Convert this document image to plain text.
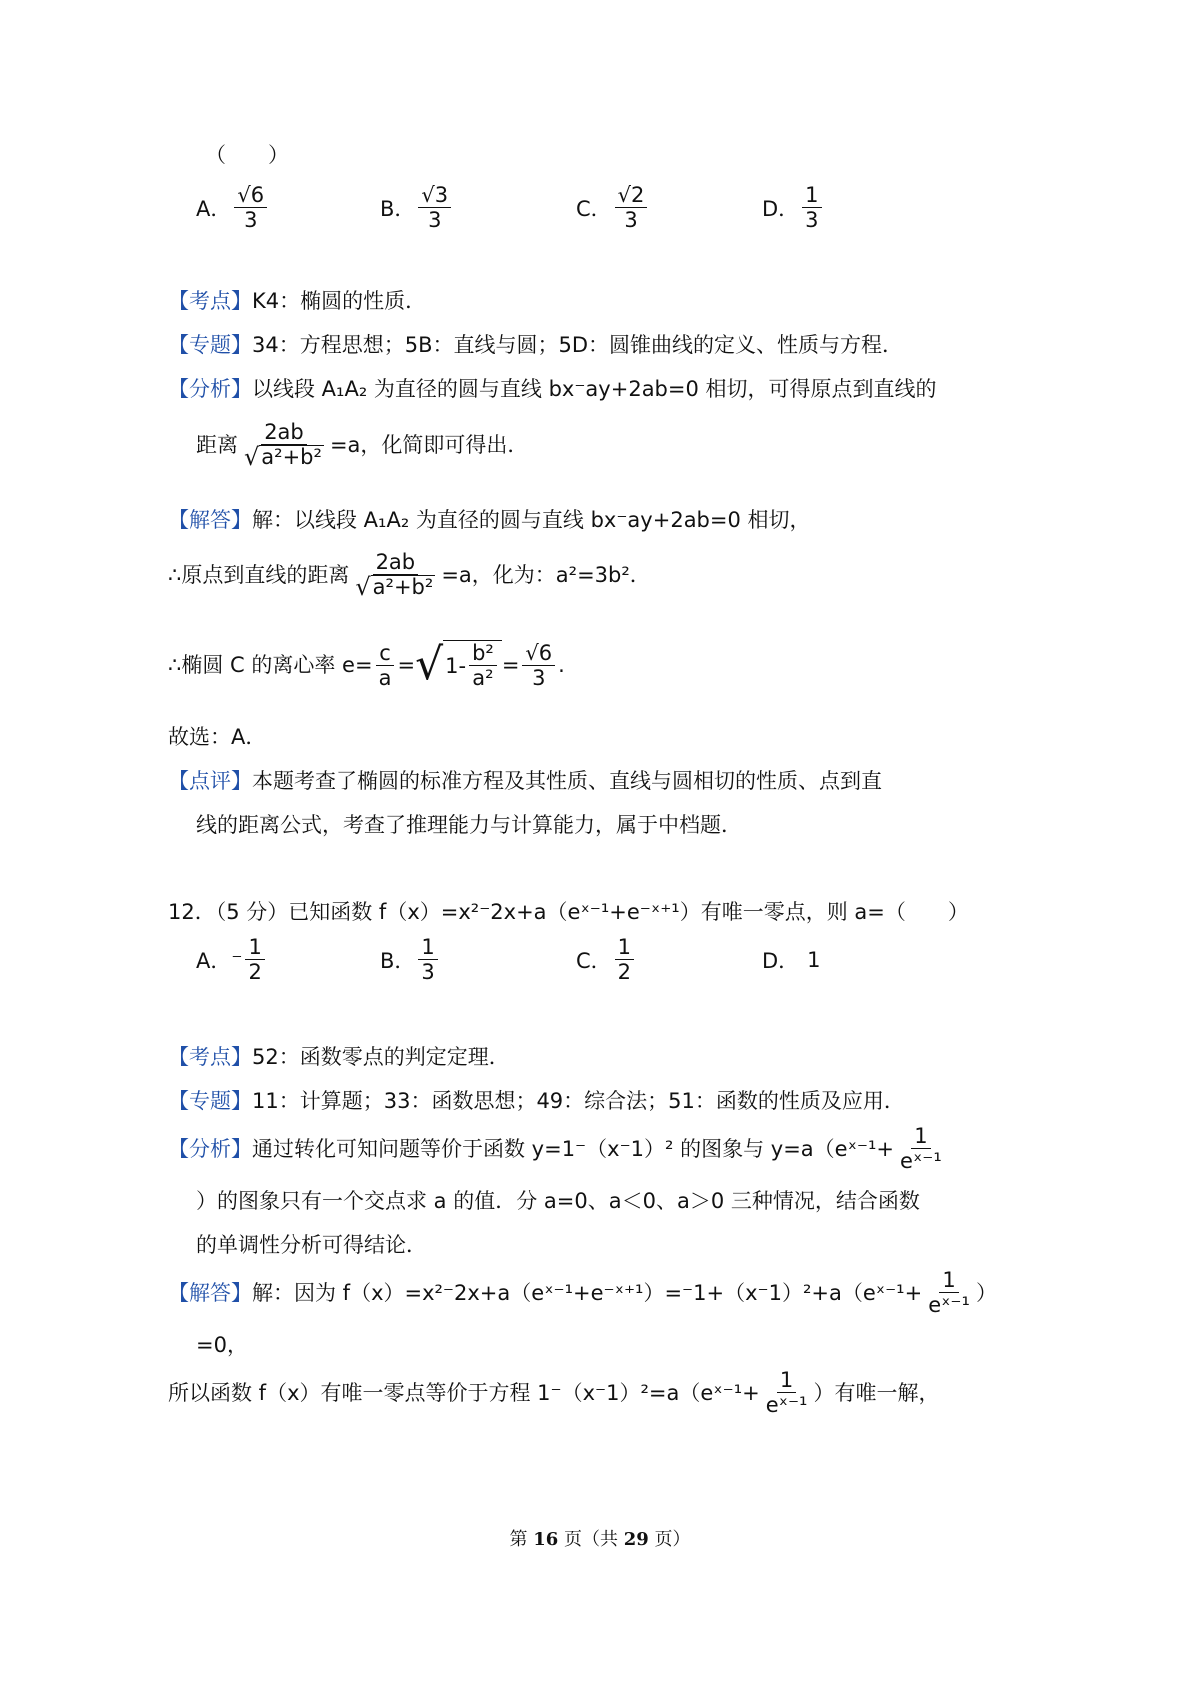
（　　）
A． $\frac{√6}{3}$	B． $\frac{√3}{3}$	C． $\frac{√2}{3}$	D． $\frac{1}{3}$
【考点】K4：椭圆的性质．
【专题】34：方程思想；5B：直线与圆；5D：圆锥曲线的定义、性质与方程．
【分析】以线段 A₁A₂ 为直径的圆与直线 bx⁻ay+2ab=0 相切，可得原点到直线的
距离 $\frac{2ab}{\text{√ a²+b²}} =a$，化简即可得出．
【解答】解：以线段 A₁A₂ 为直径的圆与直线 bx⁻ay+2ab=0 相切，
∴原点到直线的距离 $\frac{2ab}{\text{√ a²+b²}} =a$，化为：a²=3b²．
∴椭圆 C 的离心率 $e= \frac{c}{a}$ = √ $1- \frac{\text{b²}}{\text{a²}} = \frac{√6}{3}$ .
故选：A．
【点评】本题考查了椭圆的标准方程及其性质、直线与圆相切的性质、点到直
线的距离公式，考查了推理能力与计算能力，属于中档题．
12．（5 分）已知函数 f（x）=x²⁻2x+a（eˣ⁻¹+e⁻ˣ⁺¹）有唯一零点，则 a=（　　）
A． ⁻ $\frac{1}{2}$	B． $\frac{1}{3}$	C． $\frac{1}{2}$	D． 1
【考点】52：函数零点的判定定理．
【专题】11：计算题；33：函数思想；49：综合法；51：函数的性质及应用．
【分析】 通过转化可知问题等价于函数 y=1⁻（x⁻1）² 的图象与 y=a（eˣ⁻¹+ $\frac{1}{\text{eˣ⁻¹}}$
）的图象只有一个交点求 a 的值．分 a=0、a＜0、a＞0 三种情况，结合函数
的单调性分析可得结论．
【解答】 解：因为 f（x）=x²⁻2x+a（eˣ⁻¹+e⁻ˣ⁺¹）=⁻1+（x⁻1）²+a（eˣ⁻¹+ $\frac{1}{\text{eˣ⁻¹}}$ ）
=0，
所以函数 f（x）有唯一零点等价于方程 1⁻（x⁻1）²=a（eˣ⁻¹+ $\frac{1}{\text{eˣ⁻¹}}$ ）有唯一解，
第 16 页（共 29 页）
